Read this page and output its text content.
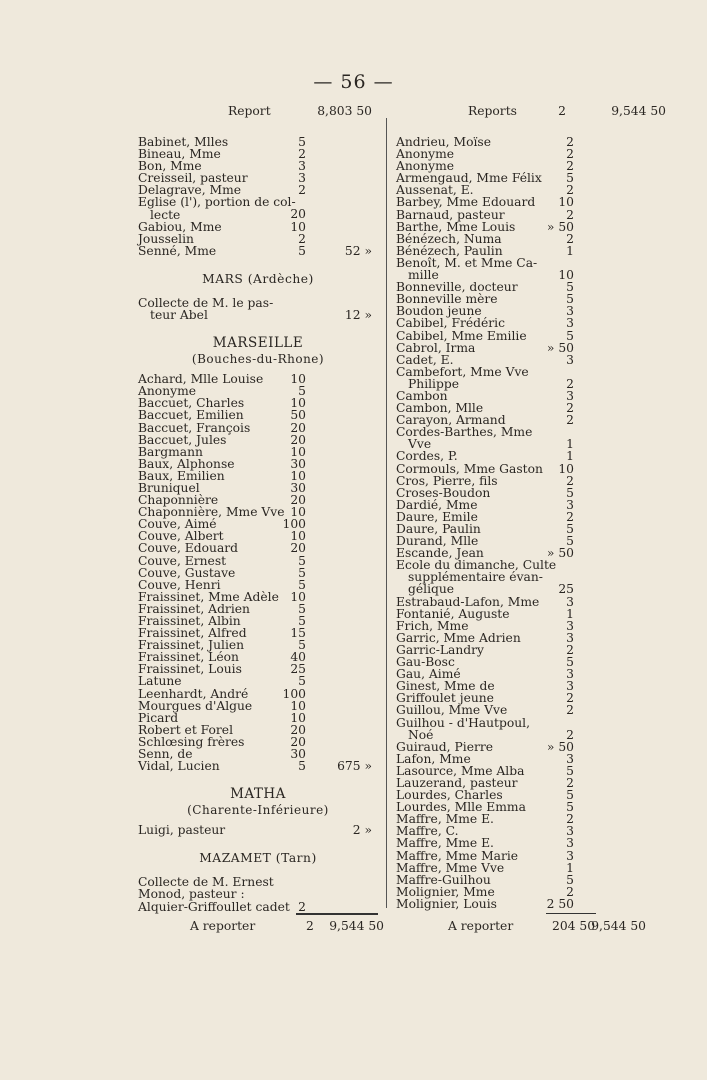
— 56 —
Report	8,803 50
Babinet, Mlles	5
Bineau, Mme	2
Bon, Mme	3
Creisseil, pasteur	3
Delagrave, Mme	2
Eglise (l'), portion de col-
lecte	20
Gabiou, Mme	10
Jousselin	2
Senné, Mme	5	52 »
MARS (Ardèche)
Collecte de M. le pas-
teur Abel	12 »
MARSEILLE
(Bouches-du-Rhone)
Achard, Mlle Louise	10
Anonyme	5
Baccuet, Charles	10
Baccuet, Emilien	50
Baccuet, François	20
Baccuet, Jules	20
Bargmann	10
Baux, Alphonse	30
Baux, Emilien	10
Bruniquel	30
Chaponnière	20
Chaponnière, Mme Vve 10
Couve, Aimé	100
Couve, Albert	10
Couve, Edouard	20
Couve, Ernest	5
Couve, Gustave	5
Couve, Henri	5
Fraissinet, Mme Adèle 10
Fraissinet, Adrien	5
Fraissinet, Albin	5
Fraissinet, Alfred	15
Fraissinet, Julien	5
Fraissinet, Léon	40
Fraissinet, Louis	25
Latune	5
Leenhardt, André	100
Mourgues d'Algue	10
Picard	10
Robert et Forel	20
Schlœsing frères	20
Senn, de	30
Vidal, Lucien	5	675 »
MATHA
(Charente-Inférieure)
Luigi, pasteur	2 »
MAZAMET (Tarn)
Collecte de M. Ernest
Monod, pasteur :
Alquier-Griffoullet cadet 2
Reports	2	9,544 50
Andrieu, Moïse	2
Anonyme	2
Anonyme	2
Armengaud, Mme Félix	5
Aussenat, E.	2
Barbey, Mme Edouard	10
Barnaud, pasteur	2
Barthe, Mme Louis	» 50
Bénézech, Numa	2
Bénézech, Paulin	1
Benoît, M. et Mme Ca-
mille	10
Bonneville, docteur	5
Bonneville mère	5
Boudon jeune	3
Cabibel, Frédéric	3
Cabibel, Mme Emilie	5
Cabrol, Irma	» 50
Cadet, E.	3
Cambefort, Mme Vve
Philippe	2
Cambon	3
Cambon, Mlle	2
Carayon, Armand	2
Cordes-Barthes, Mme
Vve	1
Cordes, P.	1
Cormouls, Mme Gaston	10
Cros, Pierre, fils	2
Croses-Boudon	5
Dardié, Mme	3
Daure, Emile	2
Daure, Paulin	5
Durand, Mlle	5
Escande, Jean	» 50
Ecole du dimanche, Culte
supplémentaire évan-
gélique	25
Estrabaud-Lafon, Mme	3
Fontanié, Auguste	1
Frich, Mme	3
Garric, Mme Adrien	3
Garric-Landry	2
Gau-Bosc	5
Gau, Aimé	3
Ginest, Mme de	3
Griffoulet jeune	2
Guillou, Mme Vve	2
Guilhou - d'Hautpoul,
Noé	2
Guiraud, Pierre	» 50
Lafon, Mme	3
Lasource, Mme Alba	5
Lauzerand, pasteur	2
Lourdes, Charles	5
Lourdes, Mlle Emma	5
Maffre, Mme E.	2
Maffre, C.	3
Maffre, Mme E.	3
Maffre, Mme Marie	3
Maffre, Mme Vve	1
Maffre-Guilhou	5
Molignier, Mme	2
Molignier, Louis	2 50
A reporter	2 9,544 50	A reporter	204 50
9,544 50
